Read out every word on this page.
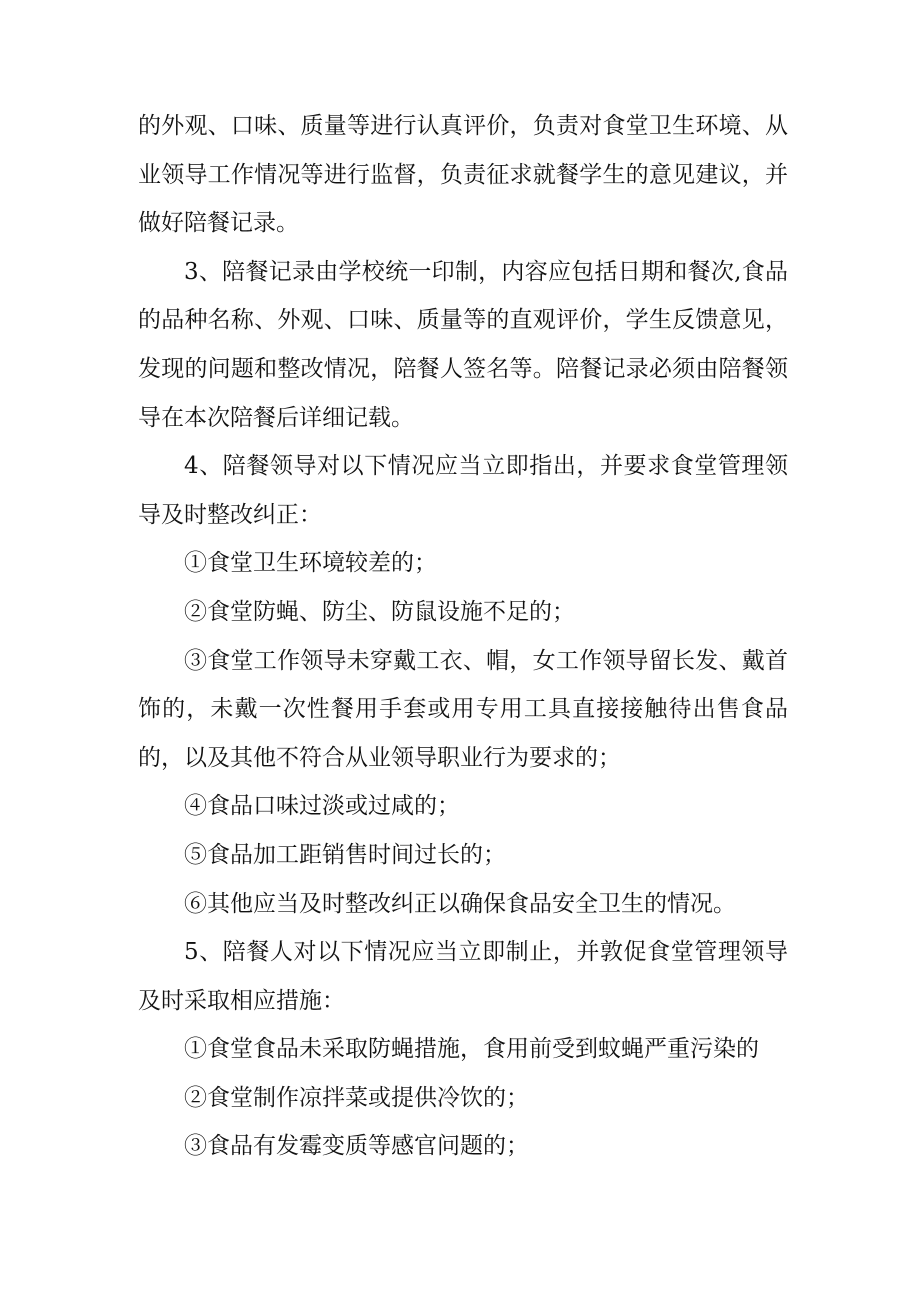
的外观、口味、质量等进行认真评价，负责对食堂卫生环境、从业领导工作情况等进行监督，负责征求就餐学生的意见建议，并做好陪餐记录。

3、陪餐记录由学校统一印制，内容应包括日期和餐次,食品的品种名称、外观、口味、质量等的直观评价，学生反馈意见，发现的问题和整改情况，陪餐人签名等。陪餐记录必须由陪餐领导在本次陪餐后详细记载。

4、陪餐领导对以下情况应当立即指出，并要求食堂管理领导及时整改纠正：

①食堂卫生环境较差的；

②食堂防蝇、防尘、防鼠设施不足的；

③食堂工作领导未穿戴工衣、帽，女工作领导留长发、戴首饰的，未戴一次性餐用手套或用专用工具直接接触待出售食品的，以及其他不符合从业领导职业行为要求的；

④食品口味过淡或过咸的；

⑤食品加工距销售时间过长的；

⑥其他应当及时整改纠正以确保食品安全卫生的情况。

5、陪餐人对以下情况应当立即制止，并敦促食堂管理领导及时采取相应措施：

①食堂食品未采取防蝇措施，食用前受到蚊蝇严重污染的

②食堂制作凉拌菜或提供冷饮的；

③食品有发霉变质等感官问题的；
